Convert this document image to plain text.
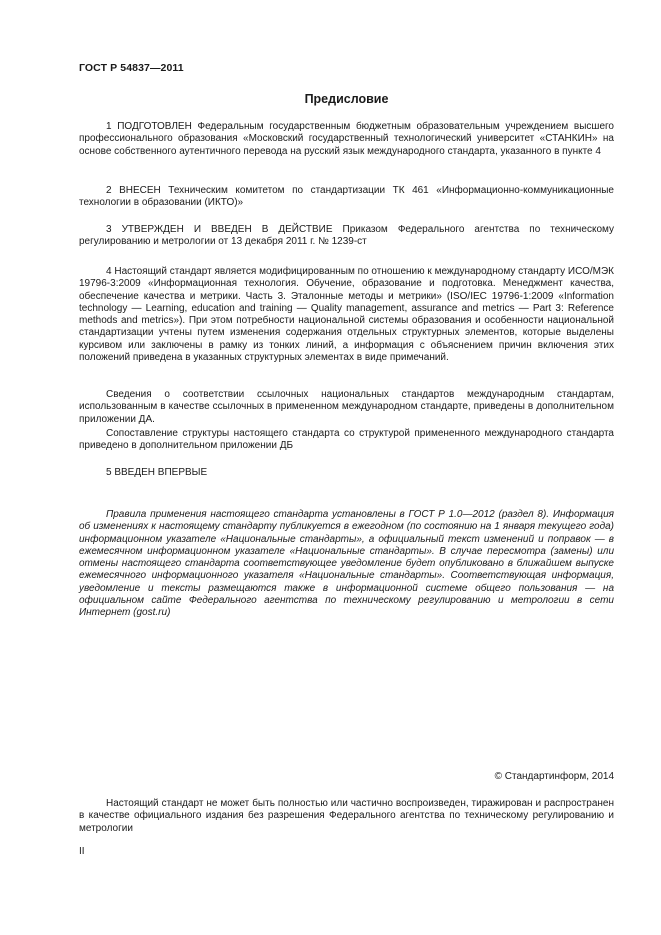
ГОСТ Р 54837—2011
Предисловие

1 ПОДГОТОВЛЕН Федеральным государственным бюджетным образовательным учреждением высшего профессионального образования «Московский государственный технологический университет «СТАНКИН» на основе собственного аутентичного перевода на русский язык международного стандарта, указанного в пункте 4

2 ВНЕСЕН Техническим комитетом по стандартизации ТК 461 «Информационно-коммуникационные технологии в образовании (ИКТО)»

3 УТВЕРЖДЕН И ВВЕДЕН В ДЕЙСТВИЕ Приказом Федерального агентства по техническому регулированию и метрологии от 13 декабря 2011 г. № 1239-ст

4 Настоящий стандарт является модифицированным по отношению к международному стандарту ИСО/МЭК 19796-3:2009 «Информационная технология. Обучение, образование и подготовка. Менеджмент качества, обеспечение качества и метрики. Часть 3. Эталонные методы и метрики» (ISO/IEC 19796-1:2009 «Information technology — Learning, education and training — Quality management, assurance and metrics — Part 3: Reference methods and metrics»). При этом потребности национальной системы образования и особенности национальной стандартизации учтены путем изменения содержания отдельных структурных элементов, которые выделены курсивом или заключены в рамку из тонких линий, а информация с объяснением причин включения этих положений приведена в указанных структурных элементах в виде примечаний.

Сведения о соответствии ссылочных национальных стандартов международным стандартам, использованным в качестве ссылочных в примененном международном стандарте, приведены в дополнительном приложении ДА.

Сопоставление структуры настоящего стандарта со структурой примененного международного стандарта приведено в дополнительном приложении ДБ

5 ВВЕДЕН ВПЕРВЫЕ

Правила применения настоящего стандарта установлены в ГОСТ Р 1.0—2012 (раздел 8). Информация об изменениях к настоящему стандарту публикуется в ежегодном (по состоянию на 1 января текущего года) информационном указателе «Национальные стандарты», а официальный текст изменений и поправок — в ежемесячном информационном указателе «Национальные стандарты». В случае пересмотра (замены) или отмены настоящего стандарта соответствующее уведомление будет опубликовано в ближайшем выпуске ежемесячного информационного указателя «Национальные стандарты». Соответствующая информация, уведомление и тексты размещаются также в информационной системе общего пользования — на официальном сайте Федерального агентства по техническому регулированию и метрологии в сети Интернет (gost.ru)

© Стандартинформ, 2014

Настоящий стандарт не может быть полностью или частично воспроизведен, тиражирован и распространен в качестве официального издания без разрешения Федерального агентства по техническому регулированию и метрологии

II
